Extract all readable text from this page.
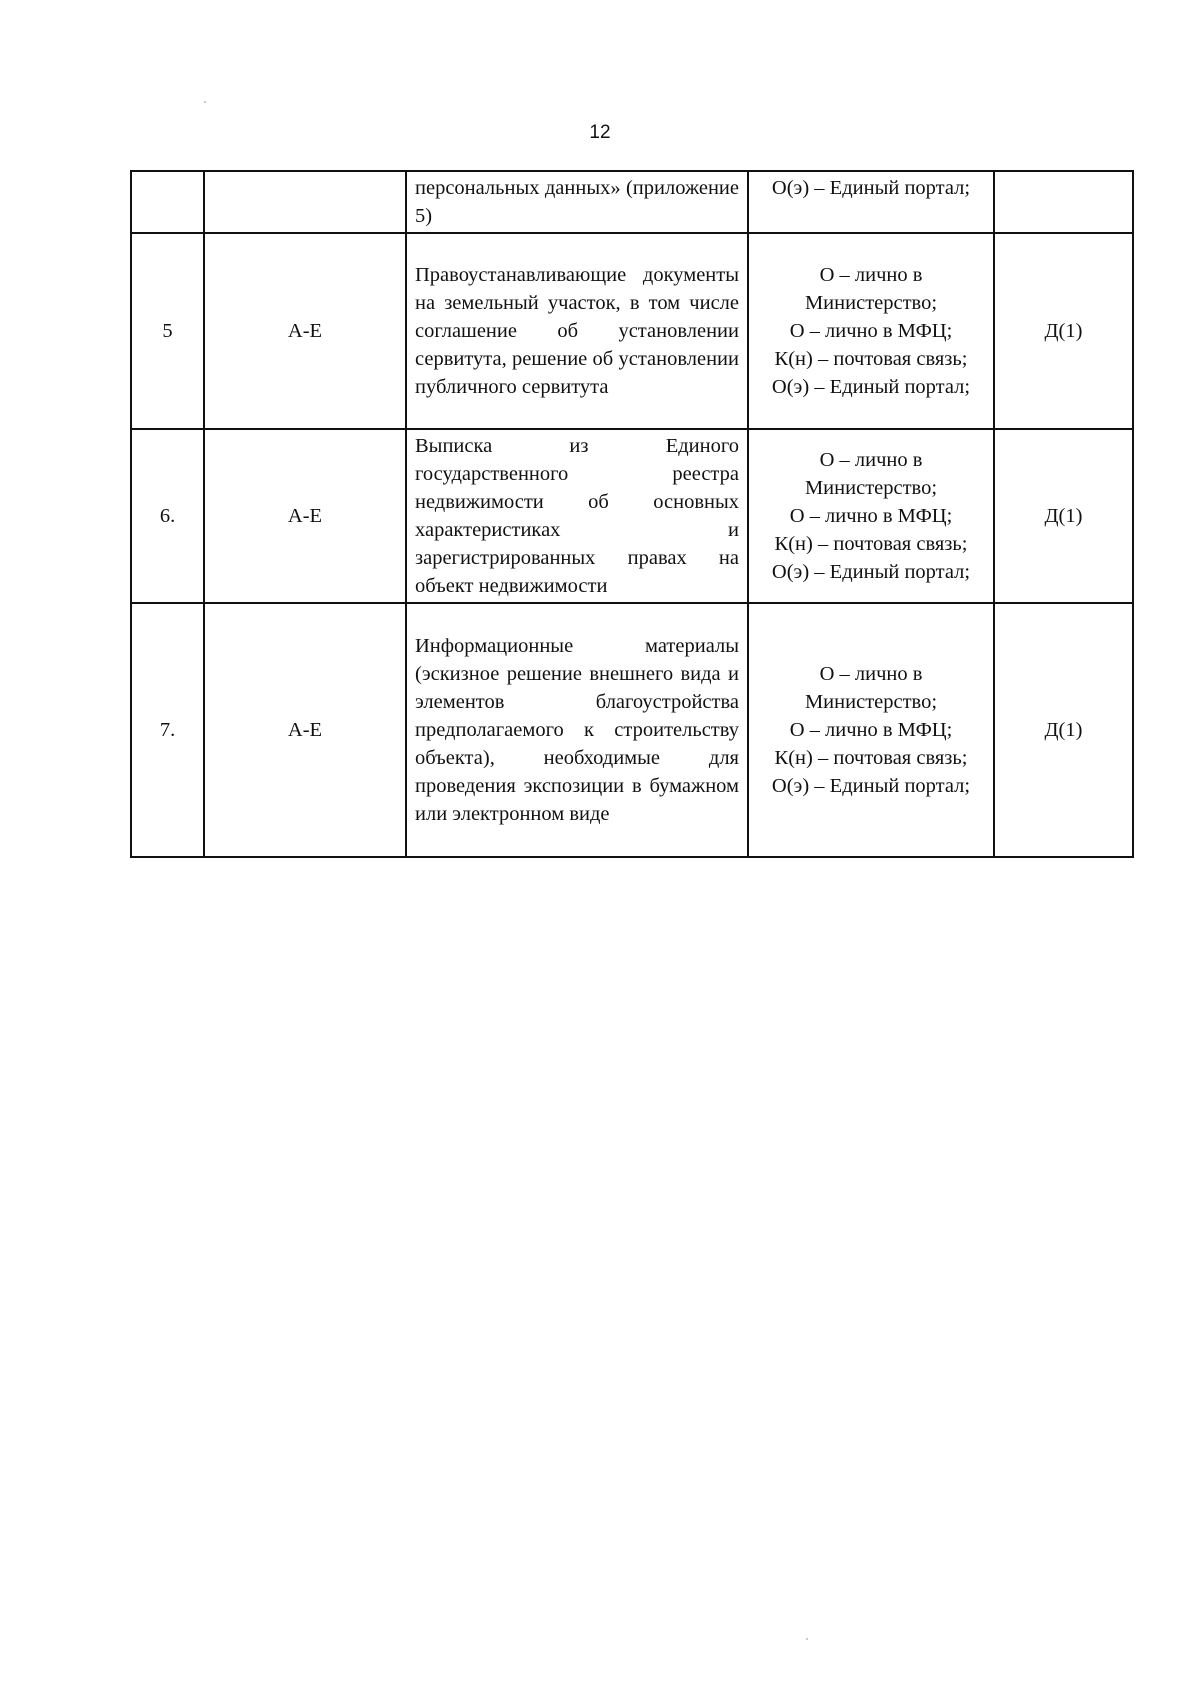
12
		персональных данных» (приложение 5)	О(э) – Единый портал;	

5	А-Е	Правоустанавливающие документы на земельный участок, в том числе соглашение об установлении сервитута, решение об установлении публичного сервитута	О – лично в
Министерство;
О – лично в МФЦ;
К(н) – почтовая связь;
О(э) – Единый портал;	Д(1)
6.	А-Е	Выписка из Единого государственного реестра недвижимости об основных характеристиках и зарегистрированных правах на объект недвижимости	О – лично в
Министерство;
О – лично в МФЦ;
К(н) – почтовая связь;
О(э) – Единый портал;	Д(1)
7.	А-Е	Информационные материалы (эскизное решение внешнего вида и элементов благоустройства предполагаемого к строительству объекта), необходимые для проведения экспозиции в бумажном или электронном виде	О – лично в
Министерство;
О – лично в МФЦ;
К(н) – почтовая связь;
О(э) – Единый портал;	Д(1)
